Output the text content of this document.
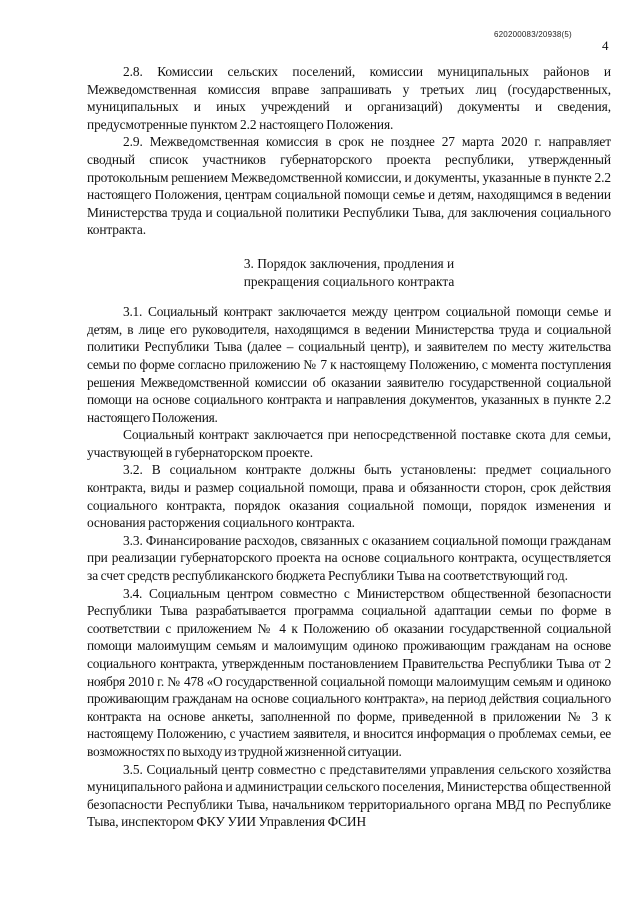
620200083/20938(5)
4

2.8. Комиссии сельских поселений, комиссии муниципальных районов и Межведомственная комиссия вправе запрашивать у третьих лиц (государственных, муниципальных и иных учреждений и организаций) документы и сведения, предусмотренные пунктом 2.2 настоящего Положения.

2.9. Межведомственная комиссия в срок не позднее 27 марта 2020 г. направляет сводный список участников губернаторского проекта республики, утвержденный протокольным решением Межведомственной комиссии, и документы, указанные в пункте 2.2 настоящего Положения, центрам социальной помощи семье и детям, находящимся в ведении Министерства труда и социальной политики Республики Тыва, для заключения социального контракта.

3. Порядок заключения, продления и
прекращения социального контракта

3.1. Социальный контракт заключается между центром социальной помощи семье и детям, в лице его руководителя, находящимся в ведении Министерства труда и социальной политики Республики Тыва (далее – социальный центр), и заявителем по месту жительства семьи по форме согласно приложению № 7 к настоящему Положению, с момента поступления решения Межведомственной комиссии об оказании заявителю государственной социальной помощи на основе социального контракта и направления документов, указанных в пункте 2.2 настоящего Положения.

Социальный контракт заключается при непосредственной поставке скота для семьи, участвующей в губернаторском проекте.

3.2. В социальном контракте должны быть установлены: предмет социального контракта, виды и размер социальной помощи, права и обязанности сторон, срок действия социального контракта, порядок оказания социальной помощи, порядок изменения и основания расторжения социального контракта.

3.3. Финансирование расходов, связанных с оказанием социальной помощи гражданам при реализации губернаторского проекта на основе социального контракта, осуществляется за счет средств республиканского бюджета Республики Тыва на соответствующий год.

3.4. Социальным центром совместно с Министерством общественной безопасности Республики Тыва разрабатывается программа социальной адаптации семьи по форме в соответствии с приложением № 4 к Положению об оказании государственной социальной помощи малоимущим семьям и малоимущим одиноко проживающим гражданам на основе социального контракта, утвержденным постановлением Правительства Республики Тыва от 2 ноября 2010 г. № 478 «О государственной социальной помощи малоимущим семьям и одиноко проживающим гражданам на основе социального контракта», на период действия социального контракта на основе анкеты, заполненной по форме, приведенной в приложении № 3 к настоящему Положению, с участием заявителя, и вносится информация о проблемах семьи, ее возможностях по выходу из трудной жизненной ситуации.

3.5. Социальный центр совместно с представителями управления сельского хозяйства муниципального района и администрации сельского поселения, Министерства общественной безопасности Республики Тыва, начальником территориального органа МВД по Республике Тыва, инспектором ФКУ УИИ Управления ФСИН
